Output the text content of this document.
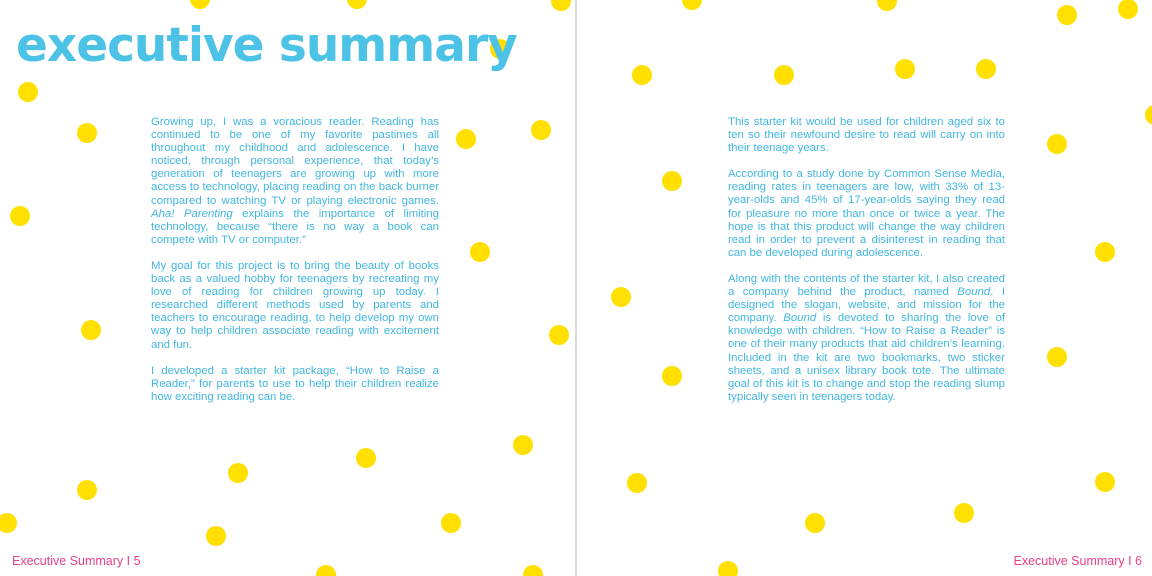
executive summary

Growing up, I was a voracious reader. Reading has continued to be one of my favorite pastimes all throughout my childhood and adolescence. I have noticed, through personal experience, that today’s generation of teenagers are growing up with more access to technology, placing reading on the back burner compared to watching TV or playing electronic games. Aha! Parenting explains the importance of limiting technology, because “there is no way a book can compete with TV or computer.”

My goal for this project is to bring the beauty of books back as a valued hobby for teenagers by recreating my love of reading for children growing up today. I researched different methods used by parents and teachers to encourage reading, to help develop my own way to help children associate reading with excitement and fun.

I developed a starter kit package, “How to Raise a Reader,” for parents to use to help their children realize how exciting reading can be.

Executive Summary I 5

This starter kit would be used for children aged six to ten so their newfound desire to read will carry on into their teenage years.

According to a study done by Common Sense Media, reading rates in teenagers are low, with 33% of 13-year-olds and 45% of 17-year-olds saying they read for pleasure no more than once or twice a year. The hope is that this product will change the way children read in order to prevent a disinterest in reading that can be developed during adolescence.

Along with the contents of the starter kit, I also created a company behind the product, named Bound. I designed the slogan, website, and mission for the company. Bound is devoted to sharing the love of knowledge with children. “How to Raise a Reader” is one of their many products that aid children’s learning. Included in the kit are two bookmarks, two sticker sheets, and a unisex library book tote. The ultimate goal of this kit is to change and stop the reading slump typically seen in teenagers today.

Executive Summary I 6
